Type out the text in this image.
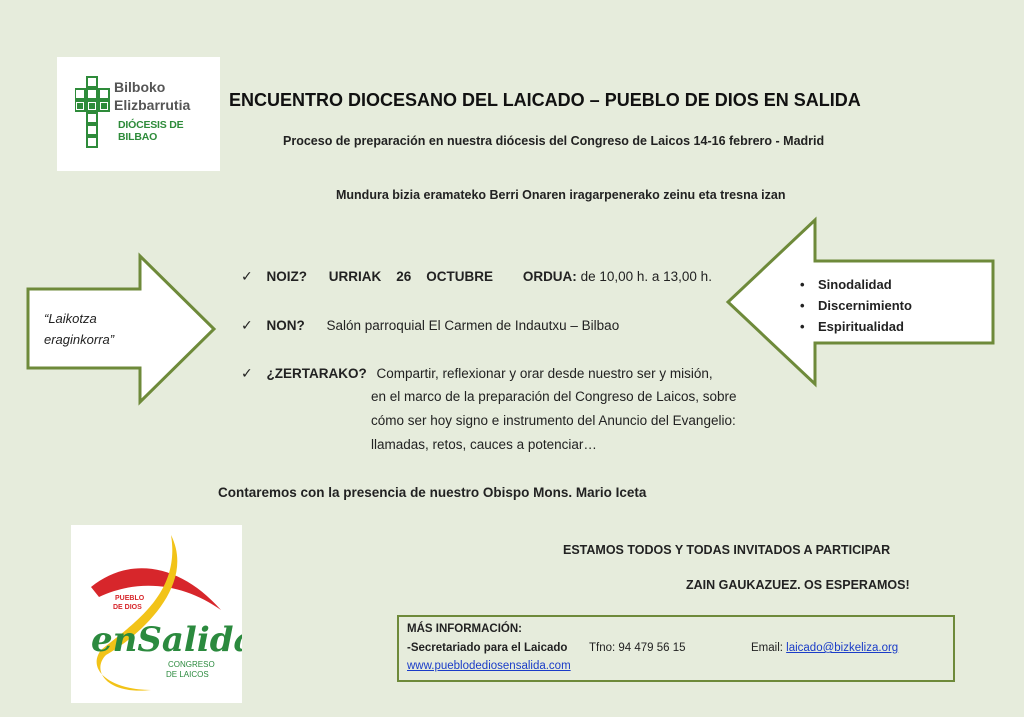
Bilboko
Elizbarrutia
DIÓCESIS DE BILBAO
ENCUENTRO DIOCESANO DEL LAICADO – PUEBLO DE DIOS EN SALIDA
Proceso de preparación en nuestra diócesis del Congreso de Laicos 14-16 febrero - Madrid
Mundura bizia eramateko Berri Onaren iragarpenerako zeinu eta tresna izan
“Laikotza
eraginkorra”
• Sinodalidad
• Discernimiento
• Espiritualidad
✓ NOIZ? URRIAK    26    OCTUBRE ORDUA: de 10,00 h. a 13,00 h.
✓ NON? Salón parroquial El Carmen de Indautxu – Bilbao
✓ ¿ZERTARAKO? Compartir, reflexionar y orar desde nuestro ser y misión,
en el marco de la preparación del Congreso de Laicos, sobre
cómo ser hoy signo e instrumento del Anuncio del Evangelio:
llamadas, retos, cauces a potenciar…
Contaremos con la presencia de nuestro Obispo Mons. Mario Iceta
ESTAMOS TODOS Y TODAS INVITADOS A PARTICIPAR
ZAIN GAUKAZUEZ. OS ESPERAMOS!
PUEBLO
DE DIOS
enSalida
CONGRESO
DE LAICOS
MÁS INFORMACIÓN:
-Secretariado para el Laicado Tfno: 94 479 56 15	Email: laicado@bizkeliza.org
www.pueblodediosensalida.com
